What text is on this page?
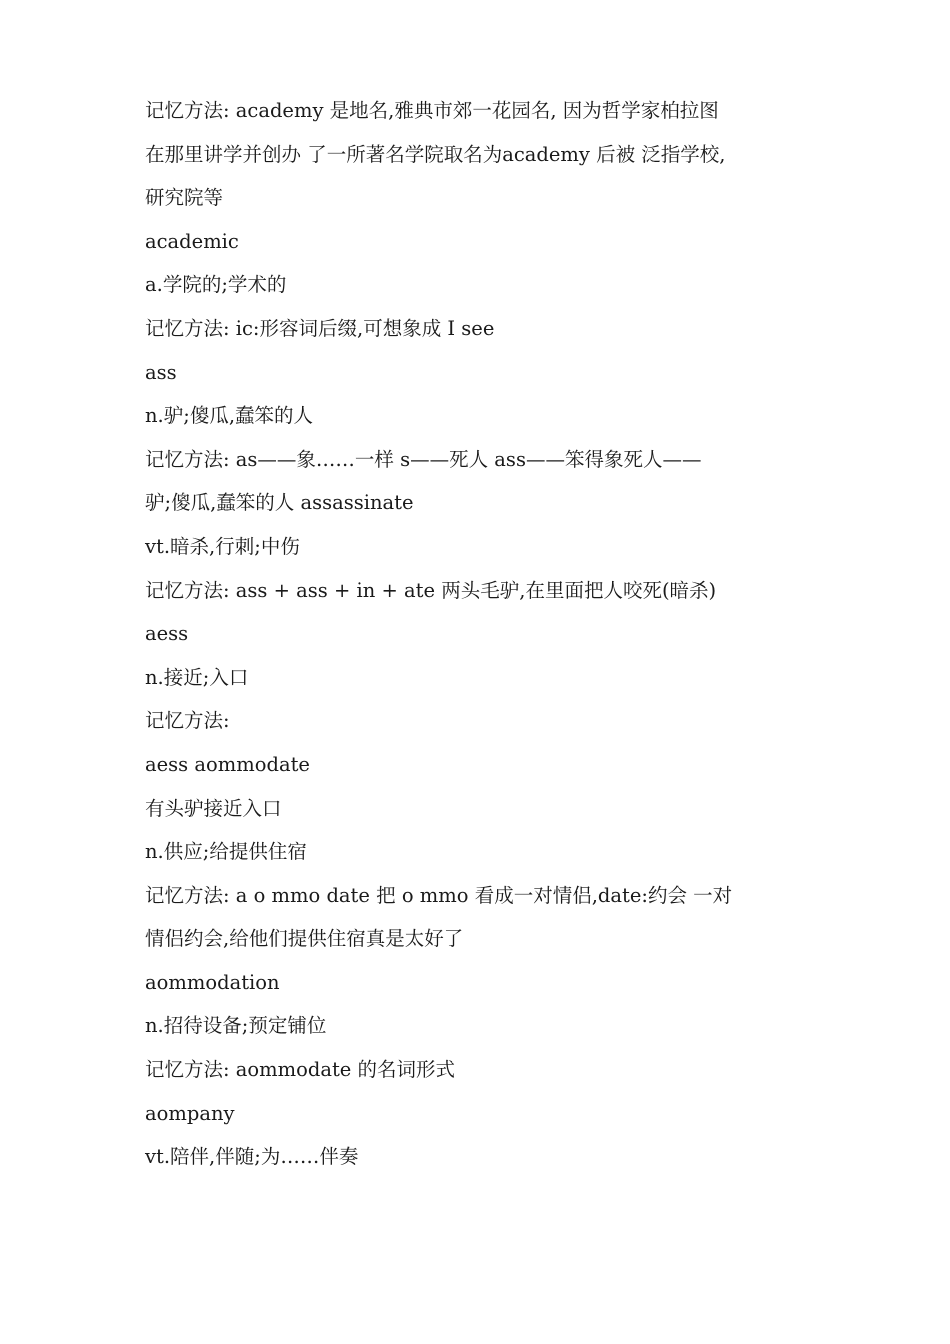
记忆方法: academy 是地名,雅典市郊一花园名, 因为哲学家柏拉图

在那里讲学并创办 了一所著名学院取名为academy 后被 泛指学校,

研究院等

academic

a.学院的;学术的

记忆方法: ic:形容词后缀,可想象成 I see

ass

n.驴;傻瓜,蠢笨的人

记忆方法: as——象……一样 s——死人 ass——笨得象死人——

驴;傻瓜,蠢笨的人 assassinate

vt.暗杀,行刺;中伤

记忆方法: ass + ass + in + ate 两头毛驴,在里面把人咬死(暗杀)

aess

n.接近;入口

记忆方法:

aess aommodate

有头驴接近入口

n.供应;给提供住宿

记忆方法: a o mmo date 把 o mmo 看成一对情侣,date:约会 一对

情侣约会,给他们提供住宿真是太好了

aommodation

n.招待设备;预定铺位

记忆方法: aommodate 的名词形式

aompany

vt.陪伴,伴随;为……伴奏
